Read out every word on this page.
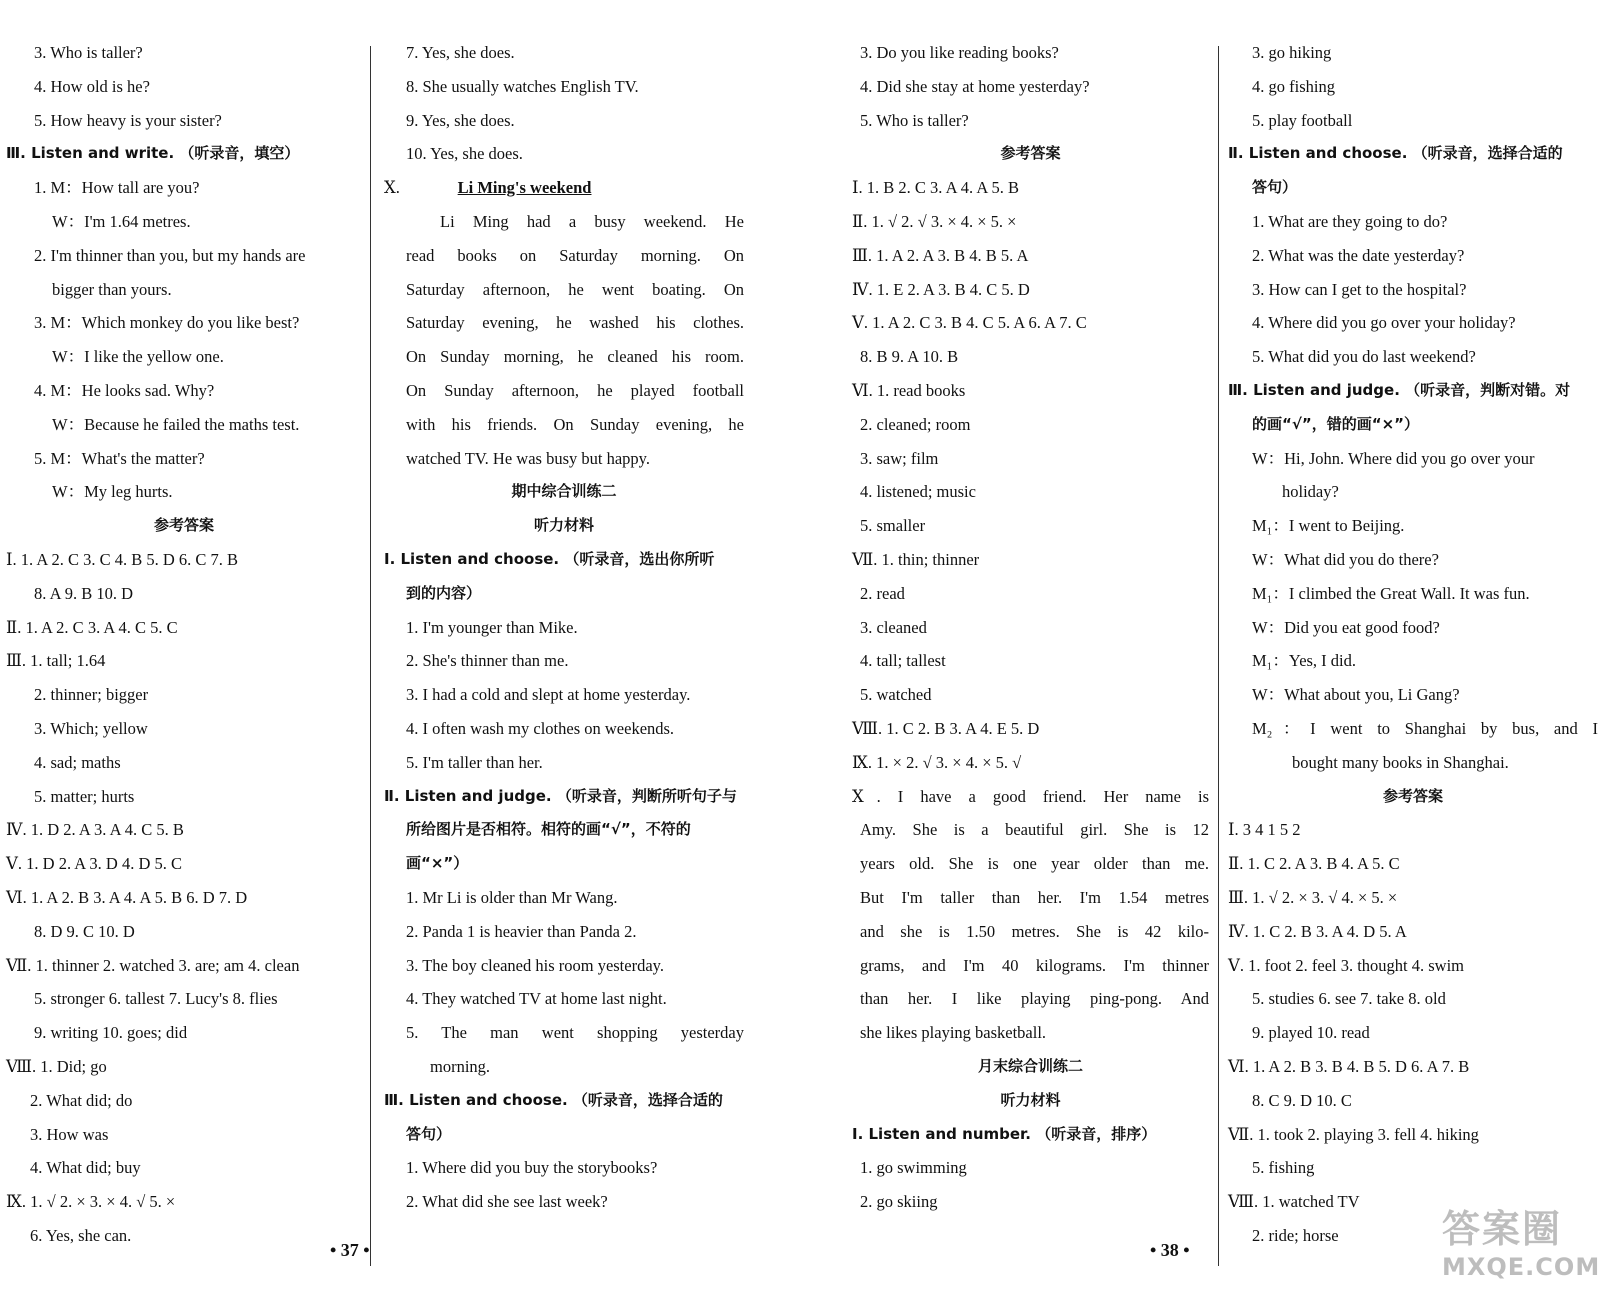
3. Who is taller?
4. How old is he?
5. How heavy is your sister?
Ⅲ. Listen and write. （听录音，填空）
1. M：How tall are you?
W：I'm 1.64 metres.
2. I'm thinner than you, but my hands are
bigger than yours.
3. M：Which monkey do you like best?
W：I like the yellow one.
4. M：He looks sad. Why?
W：Because he failed the maths test.
5. M：What's the matter?
W：My leg hurts.
参考答案
Ⅰ. 1. A 2. C 3. C 4. B 5. D 6. C 7. B
8. A 9. B 10. D
Ⅱ. 1. A 2. C 3. A 4. C 5. C
Ⅲ. 1. tall; 1.64
2. thinner; bigger
3. Which; yellow
4. sad; maths
5. matter; hurts
Ⅳ. 1. D 2. A 3. A 4. C 5. B
Ⅴ. 1. D 2. A 3. D 4. D 5. C
Ⅵ. 1. A 2. B 3. A 4. A 5. B 6. D 7. D
8. D 9. C 10. D
Ⅶ. 1. thinner 2. watched 3. are; am 4. clean
5. stronger 6. tallest 7. Lucy's 8. flies
9. writing 10. goes; did
Ⅷ. 1. Did; go
2. What did; do
3. How was
4. What did; buy
Ⅸ. 1. √ 2. × 3. × 4. √ 5. ×
6. Yes, she can.
7. Yes, she does.
8. She usually watches English TV.
9. Yes, she does.
10. Yes, she does.
Ⅹ.              Li Ming's weekend
Li Ming had a busy weekend. He
read books on Saturday morning. On
Saturday afternoon, he went boating. On
Saturday evening, he washed his clothes.
On Sunday morning, he cleaned his room.
On Sunday afternoon, he played football
with his friends. On Sunday evening, he
watched TV. He was busy but happy.
期中综合训练二
听力材料
Ⅰ. Listen and choose. （听录音，选出你所听
到的内容）
1. I'm younger than Mike.
2. She's thinner than me.
3. I had a cold and slept at home yesterday.
4. I often wash my clothes on weekends.
5. I'm taller than her.
Ⅱ. Listen and judge. （听录音，判断所听句子与
所给图片是否相符。相符的画“√”，不符的
画“×”）
1. Mr Li is older than Mr Wang.
2. Panda 1 is heavier than Panda 2.
3. The boy cleaned his room yesterday.
4. They watched TV at home last night.
5. The man went shopping yesterday
morning.
Ⅲ. Listen and choose. （听录音，选择合适的
答句）
1. Where did you buy the storybooks?
2. What did she see last week?
3. Do you like reading books?
4. Did she stay at home yesterday?
5. Who is taller?
参考答案
Ⅰ. 1. B 2. C 3. A 4. A 5. B
Ⅱ. 1. √ 2. √ 3. × 4. × 5. ×
Ⅲ. 1. A 2. A 3. B 4. B 5. A
Ⅳ. 1. E 2. A 3. B 4. C 5. D
Ⅴ. 1. A 2. C 3. B 4. C 5. A 6. A 7. C
8. B 9. A 10. B
Ⅵ. 1. read books
2. cleaned; room
3. saw; film
4. listened; music
5. smaller
Ⅶ. 1. thin; thinner
2. read
3. cleaned
4. tall; tallest
5. watched
Ⅷ. 1. C 2. B 3. A 4. E 5. D
Ⅸ. 1. × 2. √ 3. × 4. × 5. √
Ⅹ. I have a good friend. Her name is
Amy. She is a beautiful girl. She is 12
years old. She is one year older than me.
But I'm taller than her. I'm 1.54 metres
and she is 1.50 metres. She is 42 kilo-
grams, and I'm 40 kilograms. I'm thinner
than her. I like playing ping-pong. And
she likes playing basketball.
月末综合训练二
听力材料
Ⅰ. Listen and number. （听录音，排序）
1. go swimming
2. go skiing
3. go hiking
4. go fishing
5. play football
Ⅱ. Listen and choose. （听录音，选择合适的
答句）
1. What are they going to do?
2. What was the date yesterday?
3. How can I get to the hospital?
4. Where did you go over your holiday?
5. What did you do last weekend?
Ⅲ. Listen and judge. （听录音，判断对错。对
的画“√”，错的画“×”）
W：Hi, John. Where did you go over your
holiday?
M₁：I went to Beijing.
W：What did you do there?
M₁：I climbed the Great Wall. It was fun.
W：Did you eat good food?
M₁：Yes, I did.
W：What about you, Li Gang?
M₂：I went to Shanghai by bus, and I
bought many books in Shanghai.
参考答案
Ⅰ. 3 4 1 5 2
Ⅱ. 1. C 2. A 3. B 4. A 5. C
Ⅲ. 1. √ 2. × 3. √ 4. × 5. ×
Ⅳ. 1. C 2. B 3. A 4. D 5. A
Ⅴ. 1. foot 2. feel 3. thought 4. swim
5. studies 6. see 7. take 8. old
9. played 10. read
Ⅵ. 1. A 2. B 3. B 4. B 5. D 6. A 7. B
8. C 9. D 10. C
Ⅶ. 1. took 2. playing 3. fell 4. hiking
5. fishing
Ⅷ. 1. watched TV
2. ride; horse
• 37 •	• 38 •	答案圈
MXQE.COM
